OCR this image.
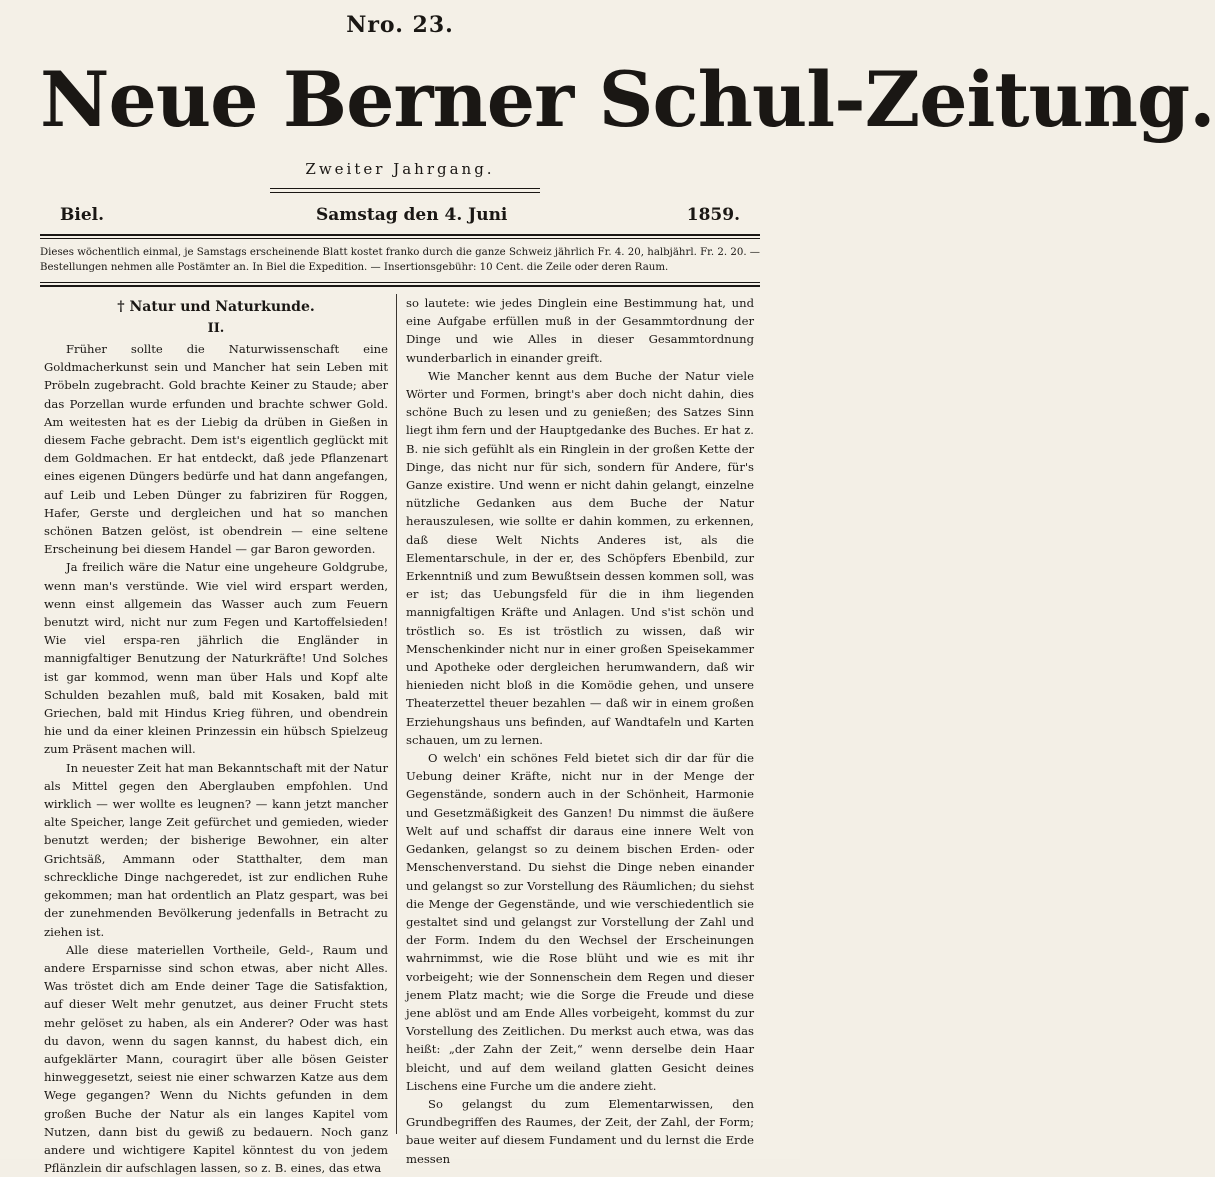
Nro. 23.
Neue Berner Schul-Zeitung.
Zweiter Jahrgang.
Biel.	Samstag den 4. Juni	1859.
Dieses wöchentlich einmal, je Samstags erscheinende Blatt kostet franko durch die ganze Schweiz jährlich Fr. 4. 20, halbjährl. Fr. 2. 20. — Bestellungen nehmen alle Postämter an. In Biel die Expedition. — Insertionsgebühr: 10 Cent. die Zeile oder deren Raum.

† Natur und Naturkunde.

II.

Früher sollte die Naturwissenschaft eine Goldmacherkunst sein und Mancher hat sein Leben mit Pröbeln zugebracht. Gold brachte Keiner zu Staude; aber das Porzellan wurde erfunden und brachte schwer Gold. Am weitesten hat es der Liebig da drüben in Gießen in diesem Fache gebracht. Dem ist's eigentlich geglückt mit dem Goldmachen. Er hat entdeckt, daß jede Pflanzenart eines eigenen Düngers bedürfe und hat dann angefangen, auf Leib und Leben Dünger zu fabriziren für Roggen, Hafer, Gerste und dergleichen und hat so manchen schönen Batzen gelöst, ist obendrein — eine seltene Erscheinung bei diesem Handel — gar Baron geworden.

Ja freilich wäre die Natur eine ungeheure Goldgrube, wenn man's verstünde. Wie viel wird erspart werden, wenn einst allgemein das Wasser auch zum Feuern benutzt wird, nicht nur zum Fegen und Kartoffelsieden! Wie viel erspa-ren jährlich die Engländer in mannigfaltiger Benutzung der Naturkräfte! Und Solches ist gar kommod, wenn man über Hals und Kopf alte Schulden bezahlen muß, bald mit Kosaken, bald mit Griechen, bald mit Hindus Krieg führen, und obendrein hie und da einer kleinen Prinzessin ein hübsch Spielzeug zum Präsent machen will.

In neuester Zeit hat man Bekanntschaft mit der Natur als Mittel gegen den Aberglauben empfohlen. Und wirklich — wer wollte es leugnen? — kann jetzt mancher alte Speicher, lange Zeit gefürchet und gemieden, wieder benutzt werden; der bisherige Bewohner, ein alter Grichtsäß, Ammann oder Statthalter, dem man schreckliche Dinge nachgeredet, ist zur endlichen Ruhe gekommen; man hat ordentlich an Platz gespart, was bei der zunehmenden Bevölkerung jedenfalls in Betracht zu ziehen ist.

Alle diese materiellen Vortheile, Geld-, Raum und andere Ersparnisse sind schon etwas, aber nicht Alles. Was tröstet dich am Ende deiner Tage die Satisfaktion, auf dieser Welt mehr genutzet, aus deiner Frucht stets mehr gelöset zu haben, als ein Anderer? Oder was hast du davon, wenn du sagen kannst, du habest dich, ein aufgeklärter Mann, couragirt über alle bösen Geister hinweggesetzt, seiest nie einer schwarzen Katze aus dem Wege gegangen? Wenn du Nichts gefunden in dem großen Buche der Natur als ein langes Kapitel vom Nutzen, dann bist du gewiß zu bedauern. Noch ganz andere und wichtigere Kapitel könntest du von jedem Pflänzlein dir aufschlagen lassen, so z. B. eines, das etwa

so lautete: wie jedes Dinglein eine Bestimmung hat, und eine Aufgabe erfüllen muß in der Gesammtordnung der Dinge und wie Alles in dieser Gesammtordnung wunderbarlich in einander greift.

Wie Mancher kennt aus dem Buche der Natur viele Wörter und Formen, bringt's aber doch nicht dahin, dies schöne Buch zu lesen und zu genießen; des Satzes Sinn liegt ihm fern und der Hauptgedanke des Buches. Er hat z. B. nie sich gefühlt als ein Ringlein in der großen Kette der Dinge, das nicht nur für sich, sondern für Andere, für's Ganze existire. Und wenn er nicht dahin gelangt, einzelne nützliche Gedanken aus dem Buche der Natur herauszulesen, wie sollte er dahin kommen, zu erkennen, daß diese Welt Nichts Anderes ist, als die Elementarschule, in der er, des Schöpfers Ebenbild, zur Erkenntniß und zum Bewußtsein dessen kommen soll, was er ist; das Uebungsfeld für die in ihm liegenden mannigfaltigen Kräfte und Anlagen. Und s'ist schön und tröstlich so. Es ist tröstlich zu wissen, daß wir Menschenkinder nicht nur in einer großen Speisekammer und Apotheke oder dergleichen herumwandern, daß wir hienieden nicht bloß in die Komödie gehen, und unsere Theaterzettel theuer bezahlen — daß wir in einem großen Erziehungshaus uns befinden, auf Wandtafeln und Karten schauen, um zu lernen.

O welch' ein schönes Feld bietet sich dir dar für die Uebung deiner Kräfte, nicht nur in der Menge der Gegenstände, sondern auch in der Schönheit, Harmonie und Gesetzmäßigkeit des Ganzen! Du nimmst die äußere Welt auf und schaffst dir daraus eine innere Welt von Gedanken, gelangst so zu deinem bischen Erden- oder Menschenverstand. Du siehst die Dinge neben einander und gelangst so zur Vorstellung des Räumlichen; du siehst die Menge der Gegenstände, und wie verschiedentlich sie gestaltet sind und gelangst zur Vorstellung der Zahl und der Form. Indem du den Wechsel der Erscheinungen wahrnimmst, wie die Rose blüht und wie es mit ihr vorbeigeht; wie der Sonnenschein dem Regen und dieser jenem Platz macht; wie die Sorge die Freude und diese jene ablöst und am Ende Alles vorbeigeht, kommst du zur Vorstellung des Zeitlichen. Du merkst auch etwa, was das heißt: „der Zahn der Zeit,“ wenn derselbe dein Haar bleicht, und auf dem weiland glatten Gesicht deines Lischens eine Furche um die andere zieht.

So gelangst du zum Elementarwissen, den Grundbegriffen des Raumes, der Zeit, der Zahl, der Form; baue weiter auf diesem Fundament und du lernst die Erde messen
